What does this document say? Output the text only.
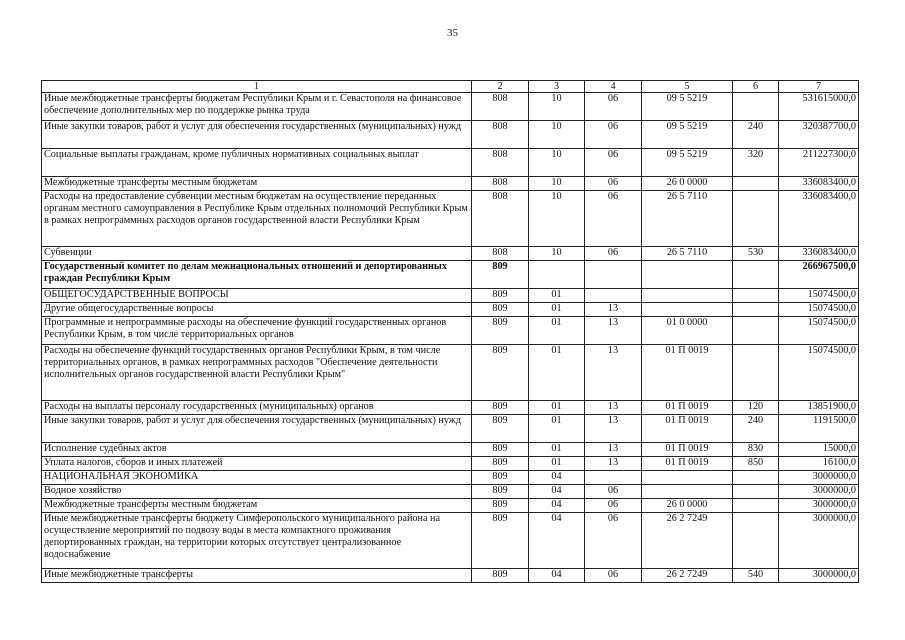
35
1	2	3	4	5	6	7
Иные межбюджетные трансферты бюджетам Республики Крым и г. Севастополя на финансовое обеспечение дополнительных мер по поддержке рынка труда	808	10	06	09 5 5219		531615000,0
Иные закупки товаров, работ и услуг для обеспечения государственных (муниципальных) нужд	808	10	06	09 5 5219	240	320387700,0
Социальные выплаты гражданам, кроме публичных нормативных социальных выплат	808	10	06	09 5 5219	320	211227300,0
Межбюджетные трансферты местным бюджетам	808	10	06	26 0 0000		336083400,0
Расходы на предоставление субвенции местным бюджетам на осуществление переданных органам местного самоуправления в Республике Крым отдельных полномочий Республики Крым в рамках непрограммных расходов органов государственной власти Республики Крым	808	10	06	26 5 7110		336083400,0
Субвенции	808	10	06	26 5 7110	530	336083400,0
Государственный комитет по делам межнациональных отношений и депортированных граждан Республики Крым	809					266967500,0
ОБЩЕГОСУДАРСТВЕННЫЕ ВОПРОСЫ	809	01				15074500,0
Другие общегосударственные вопросы	809	01	13			15074500,0
Программные и непрограммные расходы на обеспечение функций государственных органов Республики Крым, в том числе территориальных органов	809	01	13	01 0 0000		15074500,0
Расходы на обеспечение функций государственных органов Республики Крым, в том числе территориальных органов, в рамках непрограммных расходов "Обеспечение деятельности исполнительных органов государственной власти Республики Крым"	809	01	13	01 П 0019		15074500,0
Расходы на выплаты персоналу государственных (муниципальных) органов	809	01	13	01 П 0019	120	13851900,0
Иные закупки товаров, работ и услуг для обеспечения государственных (муниципальных) нужд	809	01	13	01 П 0019	240	1191500,0
Исполнение судебных актов	809	01	13	01 П 0019	830	15000,0
Уплата налогов, сборов и иных платежей	809	01	13	01 П 0019	850	16100,0
НАЦИОНАЛЬНАЯ ЭКОНОМИКА	809	04				3000000,0
Водное хозяйство	809	04	06			3000000,0
Межбюджетные трансферты местным бюджетам	809	04	06	26 0 0000		3000000,0
Иные межбюджетные трансферты бюджету Симферопольского муниципального района на осуществление мероприятий по подвозу воды в места компактного проживания депортированных граждан, на территории которых отсутствует централизованное водоснабжение	809	04	06	26 2 7249		3000000,0
Иные межбюджетные трансферты	809	04	06	26 2 7249	540	3000000,0
